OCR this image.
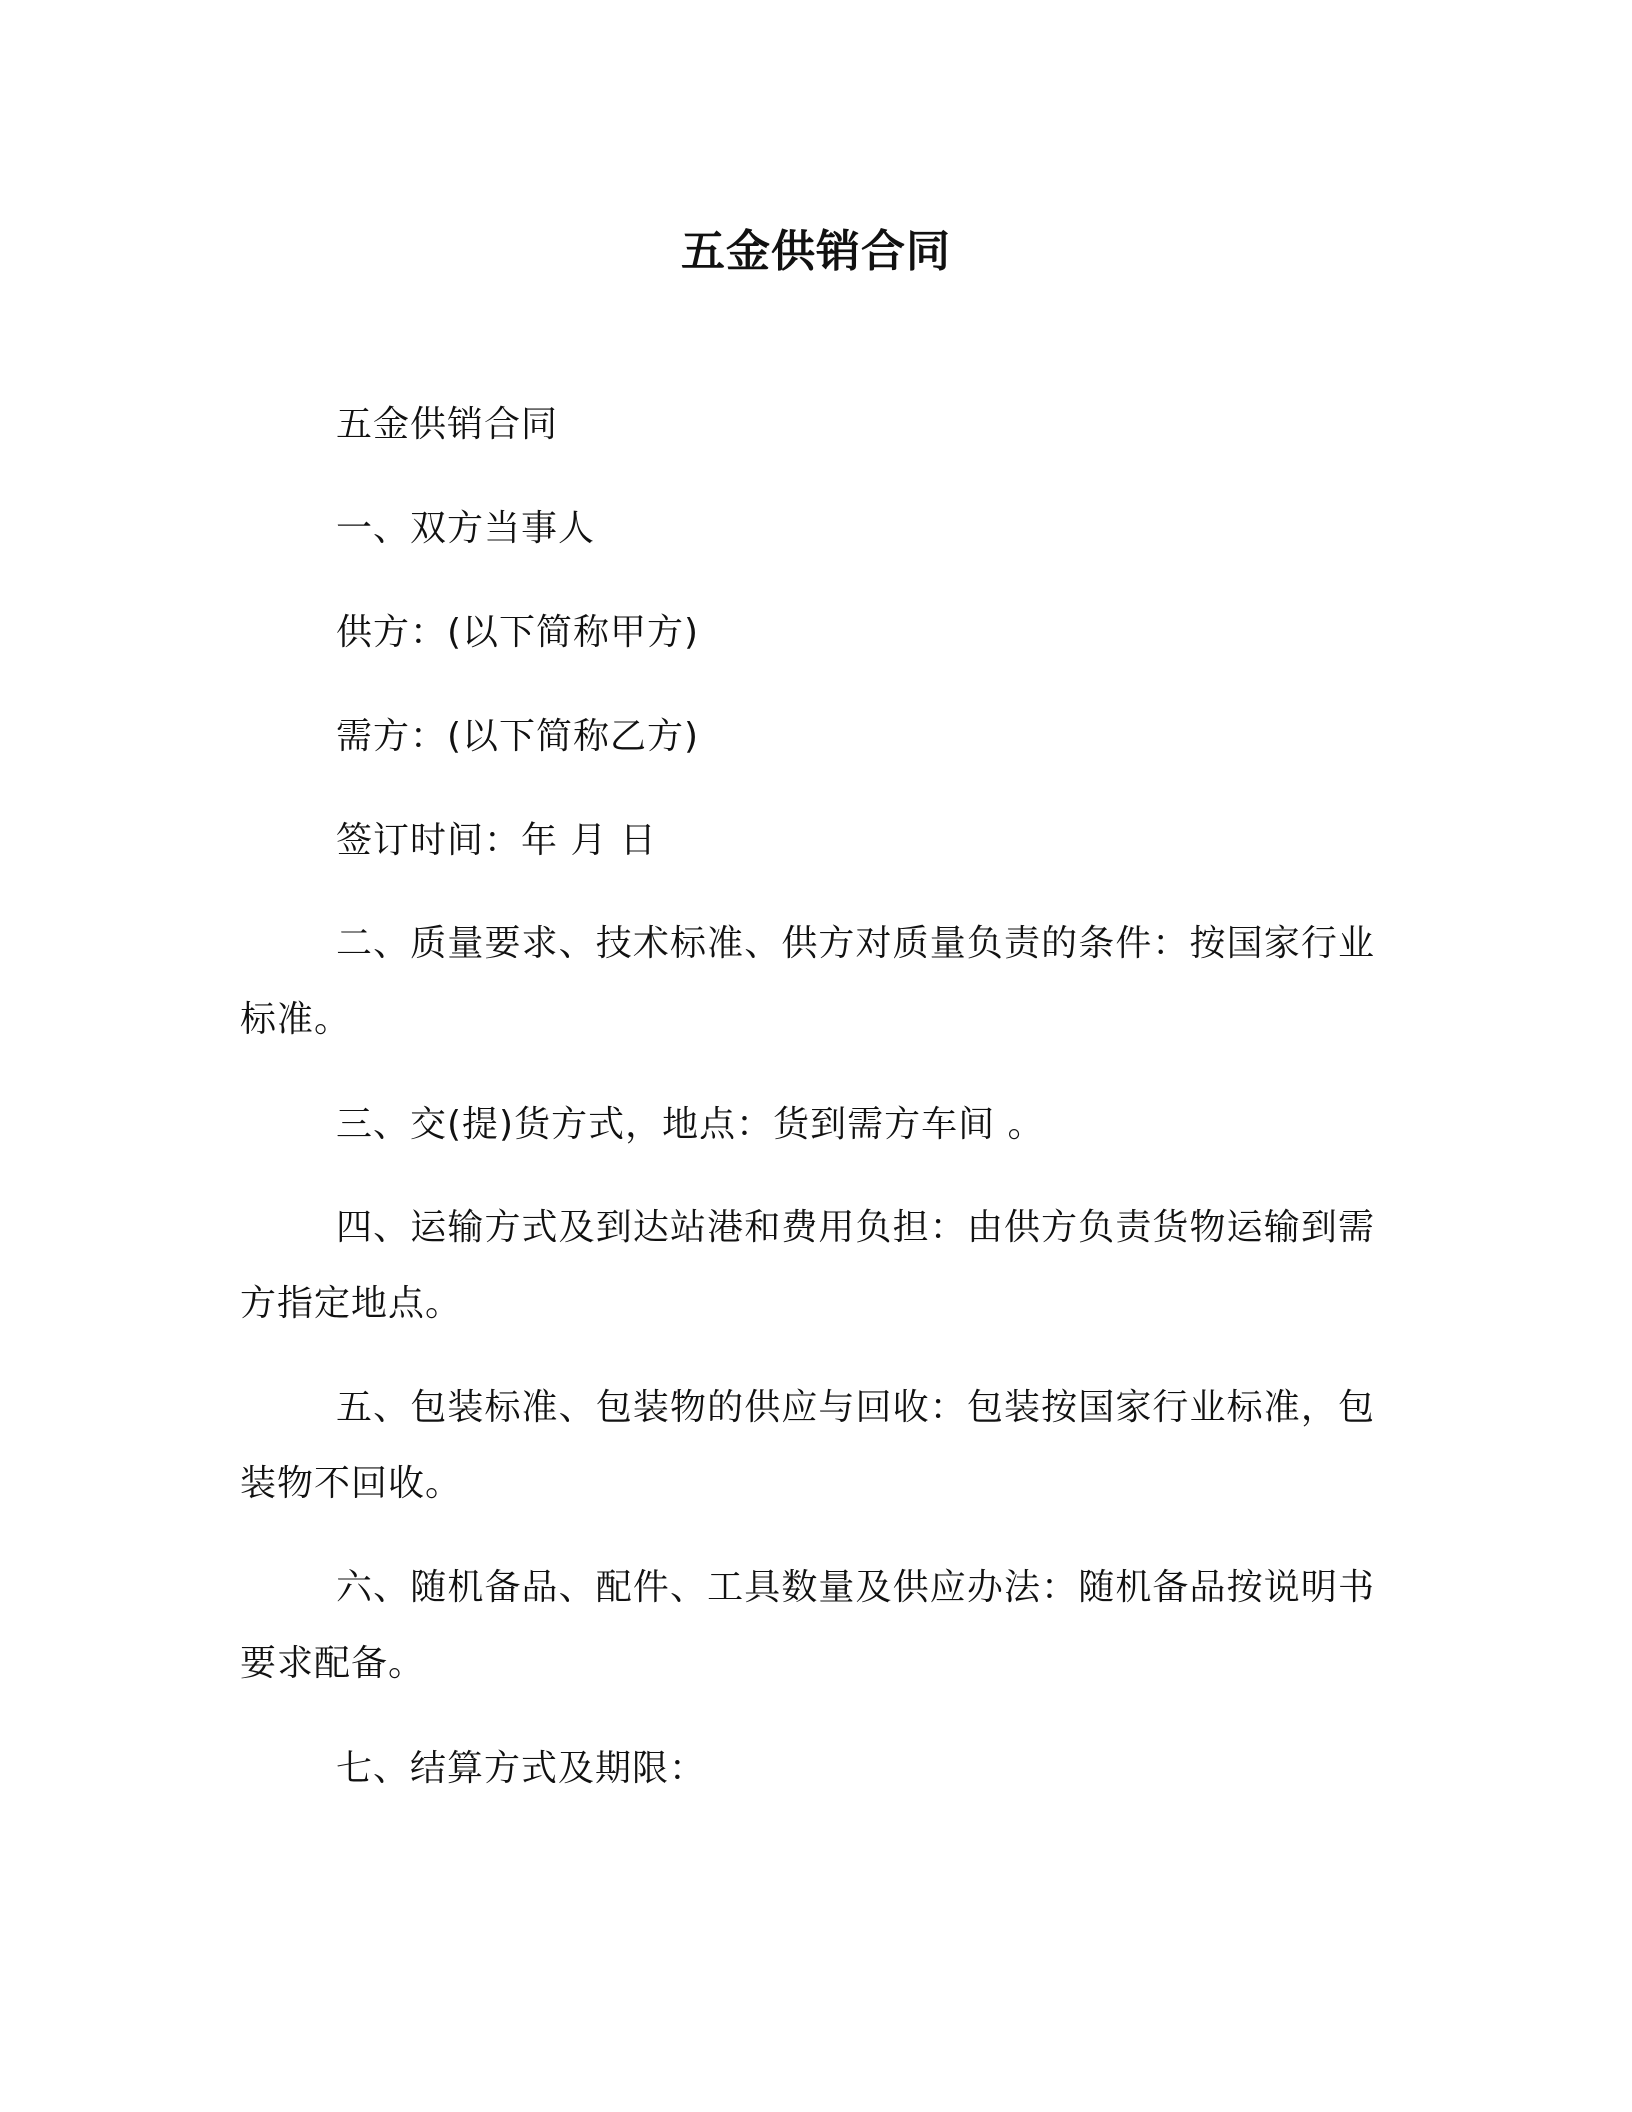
五金供销合同

五金供销合同

一、双方当事人

供方：(以下简称甲方)

需方：(以下简称乙方)

签订时间：年 月 日

二、质量要求、技术标准、供方对质量负责的条件：按国家行业标准。

三、交(提)货方式，地点：货到需方车间 。

四、运输方式及到达站港和费用负担：由供方负责货物运输到需方指定地点。

五、包装标准、包装物的供应与回收：包装按国家行业标准，包装物不回收。

六、随机备品、配件、工具数量及供应办法：随机备品按说明书要求配备。

七、结算方式及期限：
